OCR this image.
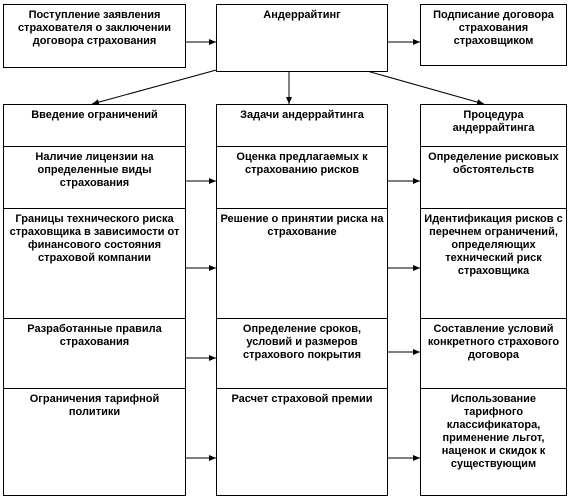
Поступление заявления страхователя о заключении договора страхования
Андеррайтинг	Подписание договора страхования страховщиком
Введение ограничений
Наличие лицензии на определенные виды страхования
Границы технического риска страховщика в зависимости от финансового состояния страховой компании
Разработанные правила страхования
Ограничения тарифной политики
Задачи андеррайтинга
Оценка предлагаемых к страхованию рисков
Решение о принятии риска на страхование
Определение сроков, условий и размеров страхового покрытия
Расчет страховой премии
Процедура андеррайтинга
Определение рисковых обстоятельств
Идентификация рисков с перечнем ограничений, определяющих технический риск страховщика
Составление условий конкретного страхового договора
Использование тарифного классификатора, применение льгот, наценок и скидок к существующим
